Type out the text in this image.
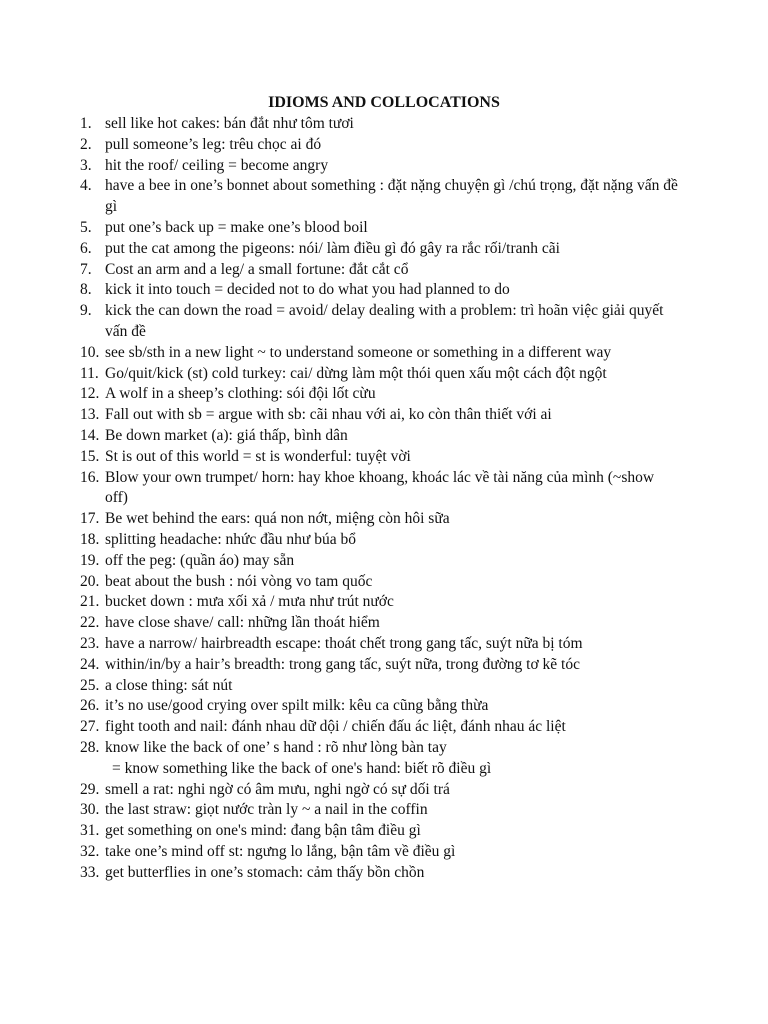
IDIOMS AND COLLOCATIONS
1. sell like hot cakes: bán đắt như tôm tươi
2. pull someone’s leg: trêu chọc ai đó
3. hit the roof/ ceiling = become angry
4. have a bee in one’s bonnet about something : đặt nặng chuyện gì /chú trọng, đặt nặng vấn đề gì
5. put one’s back up = make one’s blood boil
6. put the cat among the pigeons: nói/ làm điều gì đó gây ra rắc rối/tranh cãi
7. Cost an arm and a leg/ a small fortune: đắt cắt cổ
8. kick it into touch = decided not to do what you had planned to do
9. kick the can down the road = avoid/ delay dealing with a problem: trì hoãn việc giải quyết vấn đề
10. see sb/sth in a new light ~ to understand someone or something in a different way
11. Go/quit/kick (st) cold turkey: cai/ dừng làm một thói quen xấu một cách đột ngột
12. A wolf in a sheep’s clothing: sói đội lốt cừu
13. Fall out with sb = argue with sb: cãi nhau với ai, ko còn thân thiết với ai
14. Be down market (a): giá thấp, bình dân
15. St is out of this world = st is wonderful: tuyệt vời
16. Blow your own trumpet/ horn: hay khoe khoang, khoác lác về tài năng của mình (~show off)
17. Be wet behind the ears: quá non nớt, miệng còn hôi sữa
18. splitting headache: nhức đầu như búa bổ
19. off the peg: (quần áo) may sẵn
20. beat about the bush : nói vòng vo tam quốc
21. bucket down : mưa xối xả / mưa như trút nước
22. have close shave/ call: những lần thoát hiểm
23. have a narrow/ hairbreadth escape: thoát chết trong gang tấc, suýt nữa bị tóm
24. within/in/by a hair’s breadth: trong gang tấc, suýt nữa, trong đường tơ kẽ tóc
25. a close thing: sát nút
26. it’s no use/good crying over spilt milk: kêu ca cũng bằng thừa
27. fight tooth and nail: đánh nhau dữ dội / chiến đấu ác liệt, đánh nhau ác liệt
28. know like the back of one’ s hand : rõ như lòng bàn tay
= know something like the back of one's hand: biết rõ điều gì
29. smell a rat: nghi ngờ có âm mưu, nghi ngờ có sự dối trá
30. the last straw: giọt nước tràn ly ~ a nail in the coffin
31. get something on one's mind: đang bận tâm điều gì
32. take one’s mind off st: ngưng lo lắng, bận tâm về điều gì
33. get butterflies in one’s stomach: cảm thấy bồn chồn
